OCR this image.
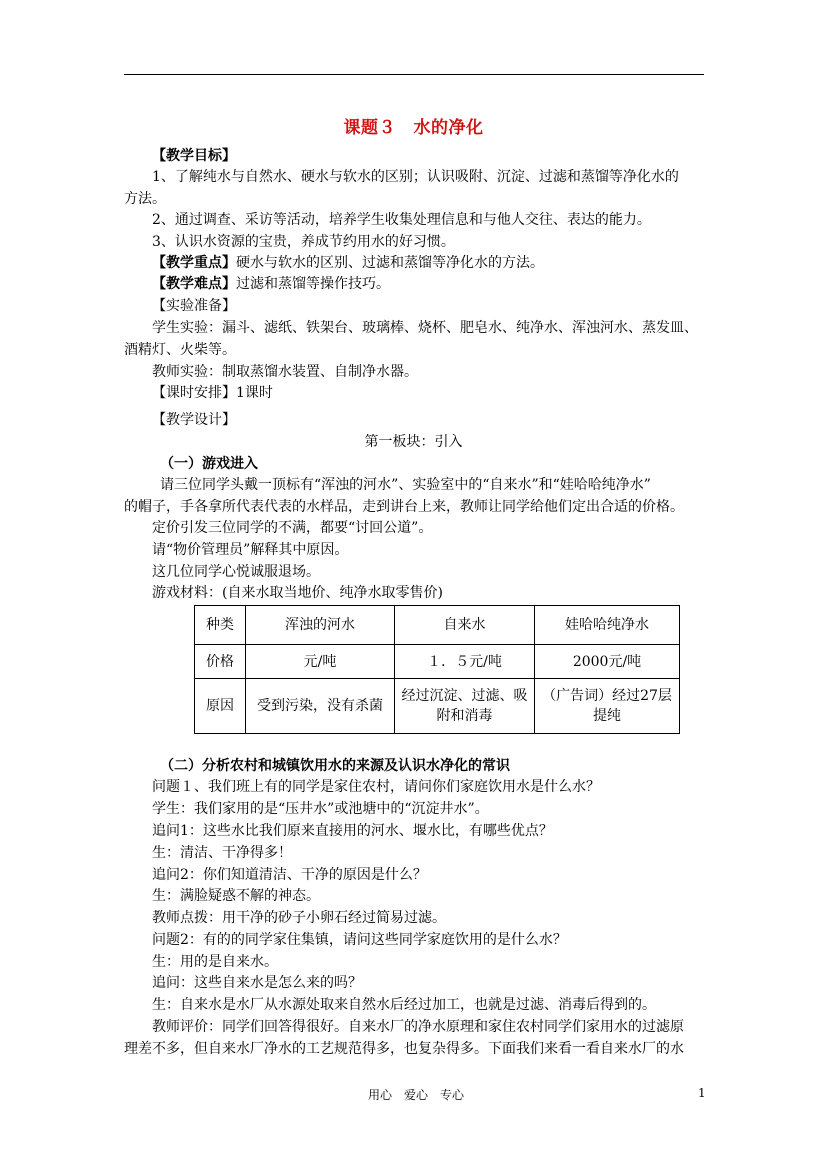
课题３　水的净化
【教学目标】
1、了解纯水与自然水、硬水与软水的区别；认识吸附、沉淀、过滤和蒸馏等净化水的
方法。
2、通过调查、采访等活动，培养学生收集处理信息和与他人交往、表达的能力。
3、认识水资源的宝贵，养成节约用水的好习惯。
【教学重点】硬水与软水的区别、过滤和蒸馏等净化水的方法。
【教学难点】过滤和蒸馏等操作技巧。
【实验准备】
学生实验：漏斗、滤纸、铁架台、玻璃棒、烧杯、肥皂水、纯净水、浑浊河水、蒸发皿、
酒精灯、火柴等。
教师实验：制取蒸馏水装置、自制净水器。
【课时安排】1课时
【教学设计】
第一板块：引入
（一）游戏进入
请三位同学头戴一顶标有“浑浊的河水”、实验室中的“自来水”和“娃哈哈纯净水”
的帽子，手各拿所代表代表的水样品，走到讲台上来，教师让同学给他们定出合适的价格。
定价引发三位同学的不满，都要“讨回公道”。
请“物价管理员”解释其中原因。
这几位同学心悦诚服退场。
游戏材料：(自来水取当地价、纯净水取零售价)
种类	浑浊的河水	自来水	娃哈哈纯净水
价格	元/吨	１．５元/吨	2000元/吨
原因	受到污染，没有杀菌	经过沉淀、过滤、吸附和消毒	（广告词）经过27层提纯
（二）分析农村和城镇饮用水的来源及认识水净化的常识
问题１、我们班上有的同学是家住农村，请问你们家庭饮用水是什么水？
学生：我们家用的是“压井水”或池塘中的“沉淀井水”。
追问1：这些水比我们原来直接用的河水、堰水比，有哪些优点？
生：清洁、干净得多！
追问2：你们知道清洁、干净的原因是什么？
生：满脸疑惑不解的神态。
教师点拨：用干净的砂子小卵石经过简易过滤。
问题2：有的的同学家住集镇，请问这些同学家庭饮用的是什么水？
生：用的是自来水。
追问：这些自来水是怎么来的吗？
生：自来水是水厂从水源处取来自然水后经过加工，也就是过滤、消毒后得到的。
教师评价：同学们回答得很好。自来水厂的净水原理和家住农村同学们家用水的过滤原
理差不多，但自来水厂净水的工艺规范得多，也复杂得多。下面我们来看一看自来水厂的水
用心　爱心　专心	1
